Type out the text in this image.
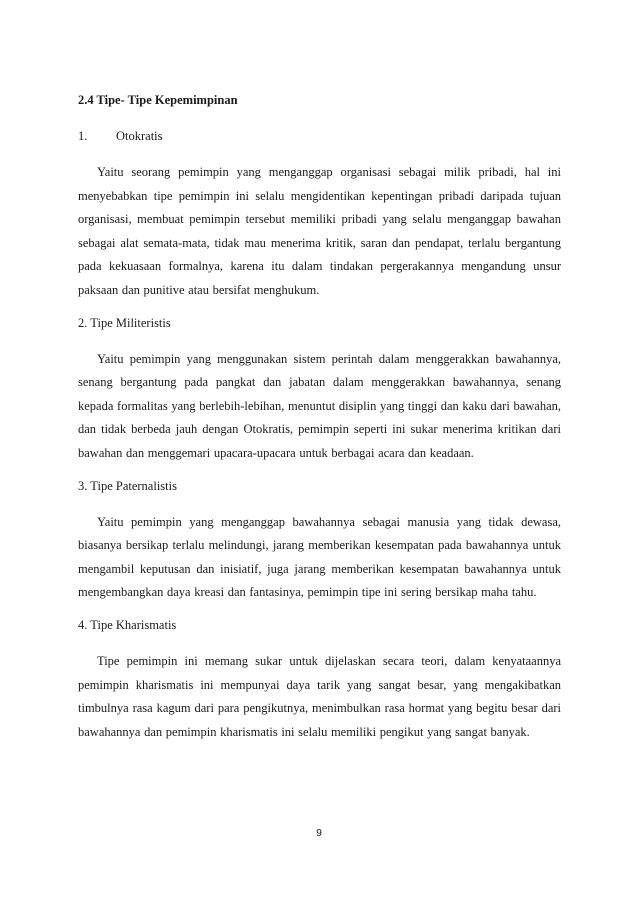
2.4 Tipe- Tipe Kepemimpinan

1. Otokratis

Yaitu seorang pemimpin yang menganggap organisasi sebagai milik pribadi, hal ini menyebabkan tipe pemimpin ini selalu mengidentikan kepentingan pribadi daripada tujuan organisasi, membuat pemimpin tersebut memiliki pribadi yang selalu menganggap bawahan sebagai alat semata-mata, tidak mau menerima kritik, saran dan pendapat, terlalu bergantung pada kekuasaan formalnya, karena itu dalam tindakan pergerakannya mengandung unsur paksaan dan punitive atau bersifat menghukum.

2. Tipe Militeristis

Yaitu pemimpin yang menggunakan sistem perintah dalam menggerakkan bawahannya, senang bergantung pada pangkat dan jabatan dalam menggerakkan bawahannya, senang kepada formalitas yang berlebih-lebihan, menuntut disiplin yang tinggi dan kaku dari bawahan, dan tidak berbeda jauh dengan Otokratis, pemimpin seperti ini sukar menerima kritikan dari bawahan dan menggemari upacara-upacara untuk berbagai acara dan keadaan.

3. Tipe Paternalistis

Yaitu pemimpin yang menganggap bawahannya sebagai manusia yang tidak dewasa, biasanya bersikap terlalu melindungi, jarang memberikan kesempatan pada bawahannya untuk mengambil keputusan dan inisiatif, juga jarang memberikan kesempatan bawahannya untuk mengembangkan daya kreasi dan fantasinya, pemimpin tipe ini sering bersikap maha tahu.

4. Tipe Kharismatis

Tipe pemimpin ini memang sukar untuk dijelaskan secara teori, dalam kenyataannya pemimpin kharismatis ini mempunyai daya tarik yang sangat besar, yang mengakibatkan timbulnya rasa kagum dari para pengikutnya, menimbulkan rasa hormat yang begitu besar dari bawahannya dan pemimpin kharismatis ini selalu memiliki pengikut yang sangat banyak.

9
